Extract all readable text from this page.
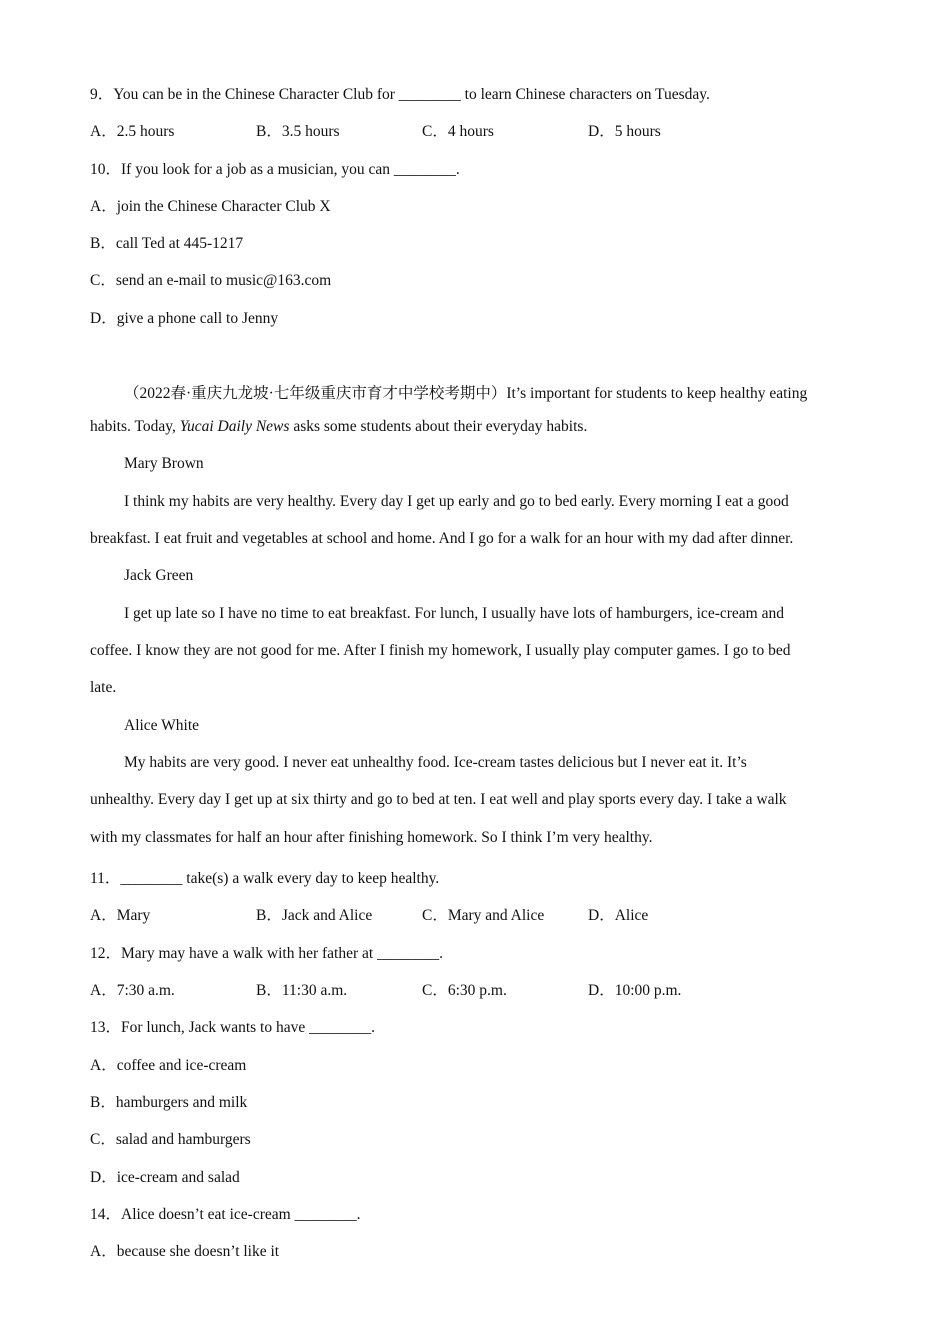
9．You can be in the Chinese Character Club for ________ to learn Chinese characters on Tuesday.
A．2.5 hours	B．3.5 hours	C．4 hours	D．5 hours
10．If you look for a job as a musician, you can ________.
A．join the Chinese Character Club X
B．call Ted at 445-1217
C．send an e-mail to music@163.com
D．give a phone call to Jenny
（2022春·重庆九龙坡·七年级重庆市育才中学校考期中）It’s important for students to keep healthy eating
habits. Today, Yucai Daily News asks some students about their everyday habits.
Mary Brown
I think my habits are very healthy. Every day I get up early and go to bed early. Every morning I eat a good
breakfast. I eat fruit and vegetables at school and home. And I go for a walk for an hour with my dad after dinner.
Jack Green
I get up late so I have no time to eat breakfast. For lunch, I usually have lots of hamburgers, ice-cream and
coffee. I know they are not good for me. After I finish my homework, I usually play computer games. I go to bed
late.
Alice White
My habits are very good. I never eat unhealthy food. Ice-cream tastes delicious but I never eat it. It’s
unhealthy. Every day I get up at six thirty and go to bed at ten. I eat well and play sports every day. I take a walk
with my classmates for half an hour after finishing homework. So I think I’m very healthy.
11．________ take(s) a walk every day to keep healthy.
A．Mary	B．Jack and Alice	C．Mary and Alice	D．Alice
12．Mary may have a walk with her father at ________.
A．7:30 a.m.	B．11:30 a.m.	C．6:30 p.m.	D．10:00 p.m.
13．For lunch, Jack wants to have ________.
A．coffee and ice-cream
B．hamburgers and milk
C．salad and hamburgers
D．ice-cream and salad
14．Alice doesn’t eat ice-cream ________.
A．because she doesn’t like it
